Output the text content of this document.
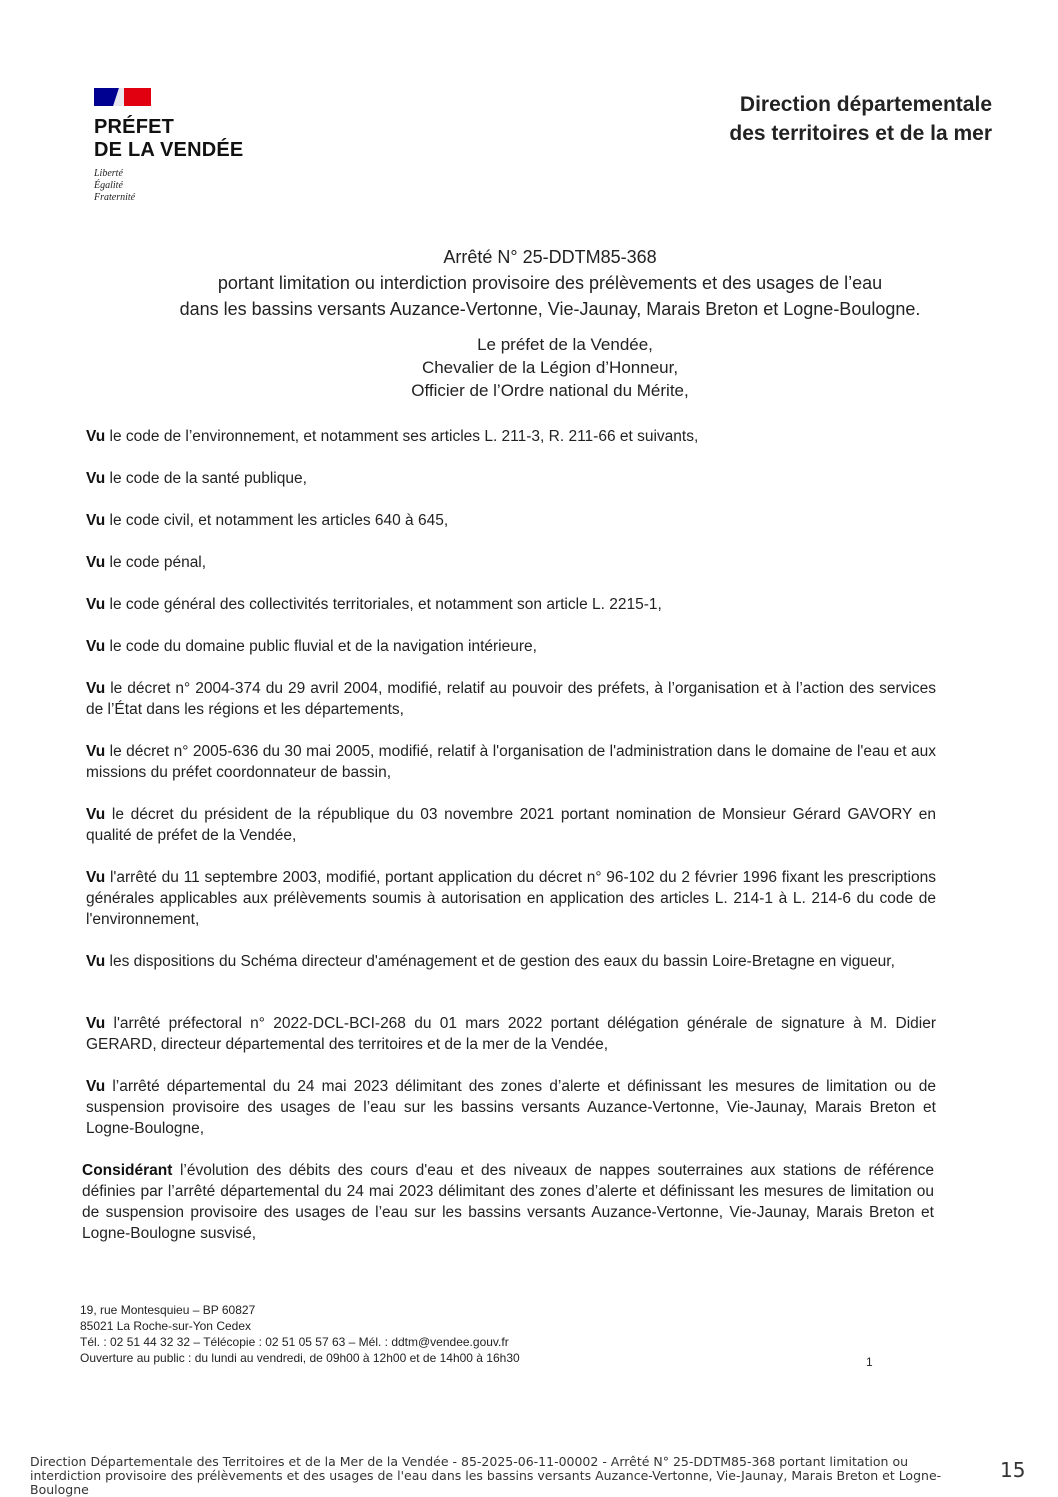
PRÉFET
DE LA VENDÉE
Liberté
Égalité
Fraternité
Direction départementale
des territoires et de la mer
Arrêté N° 25-DDTM85-368
portant limitation ou interdiction provisoire des prélèvements et des usages de l’eau
dans les bassins versants Auzance-Vertonne, Vie-Jaunay, Marais Breton et Logne-Boulogne.
Le préfet de la Vendée,
Chevalier de la Légion d’Honneur,
Officier de l’Ordre national du Mérite,
Vu le code de l’environnement, et notamment ses articles L. 211-3, R. 211-66 et suivants,
Vu le code de la santé publique,
Vu le code civil, et notamment les articles 640 à 645,
Vu le code pénal,
Vu le code général des collectivités territoriales, et notamment son article L. 2215-1,
Vu le code du domaine public fluvial et de la navigation intérieure,
Vu le décret n° 2004-374 du 29 avril 2004, modifié, relatif au pouvoir des préfets, à l’organisation et à l’action des services de l’État dans les régions et les départements,
Vu le décret n° 2005-636 du 30 mai 2005, modifié, relatif à l'organisation de l'administration dans le domaine de l'eau et aux missions du préfet coordonnateur de bassin,
Vu le décret du président de la république du 03 novembre 2021 portant nomination de Monsieur Gérard GAVORY en qualité de préfet de la Vendée,
Vu l'arrêté du 11 septembre 2003, modifié, portant application du décret n° 96-102 du 2 février 1996 fixant les prescriptions générales applicables aux prélèvements soumis à autorisation en application des articles L. 214-1 à L. 214-6 du code de l'environnement,
Vu les dispositions du Schéma directeur d'aménagement et de gestion des eaux du bassin Loire-Bretagne en vigueur,
Vu l'arrêté préfectoral n° 2022-DCL-BCI-268 du 01 mars 2022 portant délégation générale de signature à M. Didier GERARD, directeur départemental des territoires et de la mer de la Vendée,
Vu l’arrêté départemental du 24 mai 2023 délimitant des zones d’alerte et définissant les mesures de limitation ou de suspension provisoire des usages de l’eau sur les bassins versants Auzance-Vertonne, Vie-Jaunay, Marais Breton et Logne-Boulogne,
Considérant l’évolution des débits des cours d'eau et des niveaux de nappes souterraines aux stations de référence définies par l’arrêté départemental du 24 mai 2023 délimitant des zones d’alerte et définissant les mesures de limitation ou de suspension provisoire des usages de l’eau sur les bassins versants Auzance-Vertonne, Vie-Jaunay, Marais Breton et Logne-Boulogne susvisé,
19, rue Montesquieu – BP 60827
85021 La Roche-sur-Yon Cedex
Tél. : 02 51 44 32 32 – Télécopie : 02 51 05 57 63 – Mél. : ddtm@vendee.gouv.fr
Ouverture au public : du lundi au vendredi, de 09h00 à 12h00 et de 14h00 à 16h30	1
Direction Départementale des Territoires et de la Mer de la Vendée - 85-2025-06-11-00002 - Arrêté N° 25-DDTM85-368 portant limitation ou interdiction provisoire des prélèvements et des usages de l'eau dans les bassins versants Auzance-Vertonne, Vie-Jaunay, Marais Breton et Logne-Boulogne
15
